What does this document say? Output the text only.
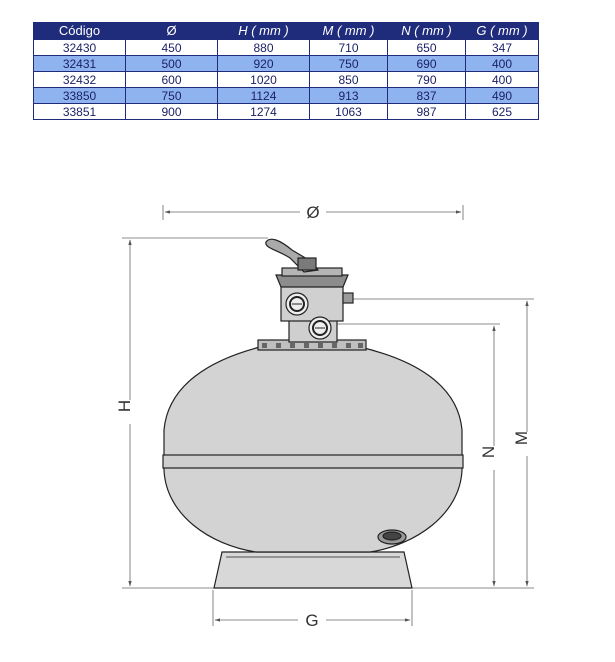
Código	Ø	H ( mm )	M ( mm )	N ( mm )	G ( mm )
32430	450	880	710	650	347
32431	500	920	750	690	400
32432	600	1020	850	790	400
33850	750	1124	913	837	490
33851	900	1274	1063	987	625
Ø
H
M
N
G
